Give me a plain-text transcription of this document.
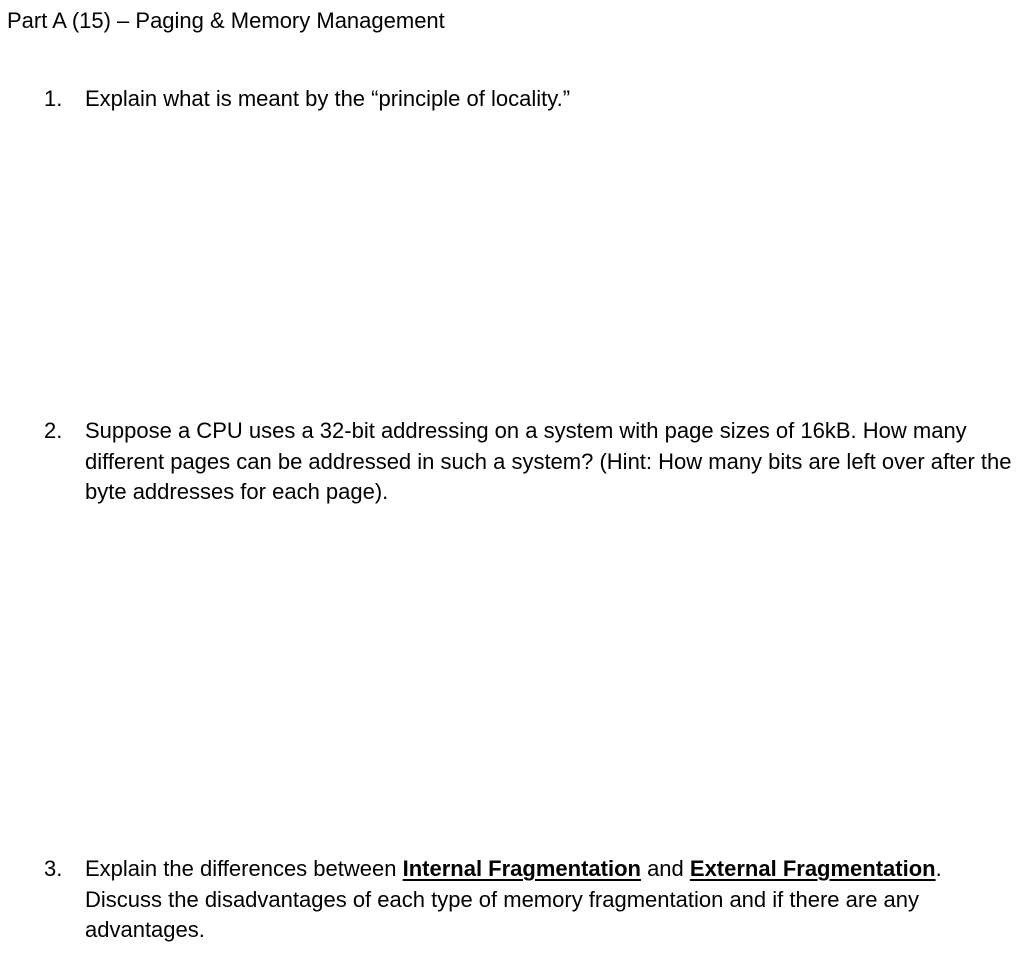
Part A (15) – Paging & Memory Management
1.	Explain what is meant by the “principle of locality.”
2.	Suppose a CPU uses a 32-bit addressing on a system with page sizes of 16kB. How many different pages can be addressed in such a system? (Hint: How many bits are left over after the byte addresses for each page).
3.	Explain the differences between Internal Fragmentation and External Fragmentation. Discuss the disadvantages of each type of memory fragmentation and if there are any advantages.
